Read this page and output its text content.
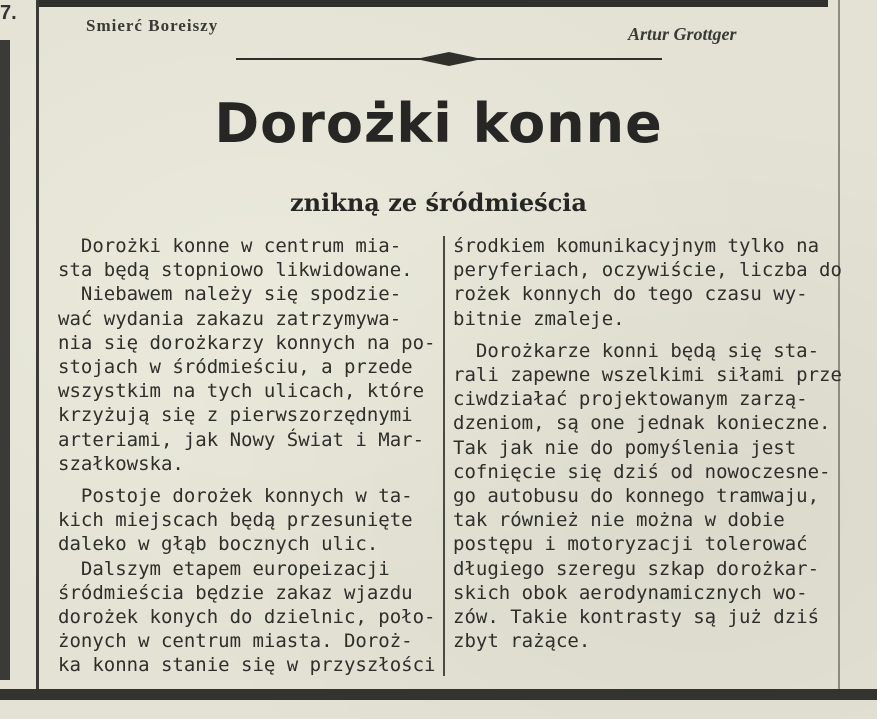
7.
Smierć Boreiszy	Artur Grottger
Dorożki konne
znikną ze śródmieścia
Dorożki konne w centrum mia-
sta będą stopniowo likwidowane.
Niebawem należy się spodzie-
wać wydania zakazu zatrzymywa-
nia się dorożkarzy konnych na po-
stojach w śródmieściu, a przede
wszystkim na tych ulicach, które
krzyżują się z pierwszorzędnymi
arteriami, jak Nowy Świat i Mar-
szałkowska.
Postoje dorożek konnych w ta-
kich miejscach będą przesunięte
daleko w głąb bocznych ulic.
Dalszym etapem europeizacji
śródmieścia będzie zakaz wjazdu
dorożek konych do dzielnic, poło-
żonych w centrum miasta. Doroż-
ka konna stanie się w przyszłości
środkiem komunikacyjnym tylko na
peryferiach, oczywiście, liczba do
rożek konnych do tego czasu wy-
bitnie zmaleje.
Dorożkarze konni będą się sta-
rali zapewne wszelkimi siłami prze
ciwdziałać projektowanym zarzą-
dzeniom, są one jednak konieczne.
Tak jak nie do pomyślenia jest
cofnięcie się dziś od nowoczesne-
go autobusu do konnego tramwaju,
tak również nie można w dobie
postępu i motoryzacji tolerować
długiego szeregu szkap dorożkar-
skich obok aerodynamicznych wo-
zów. Takie kontrasty są już dziś
zbyt rażące.
